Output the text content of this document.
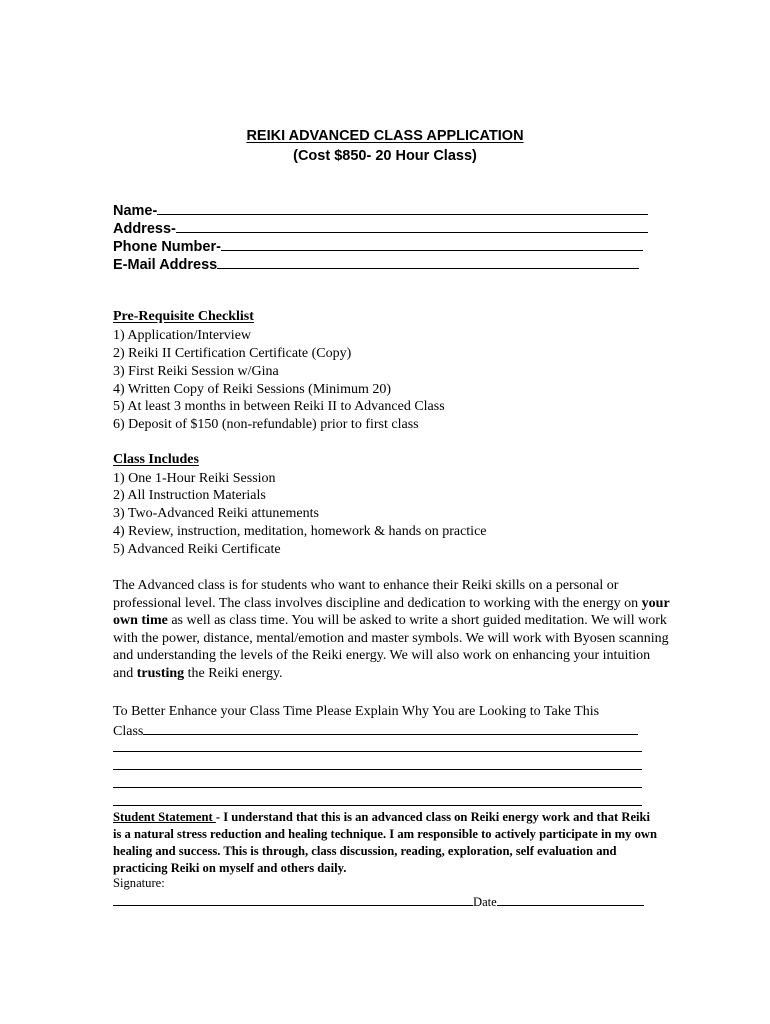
REIKI ADVANCED CLASS APPLICATION
(Cost $850- 20 Hour Class)
Name-
Address-
Phone Number-
E-Mail Address
Pre-Requisite Checklist
1) Application/Interview
2) Reiki II Certification Certificate (Copy)
3) First Reiki Session w/Gina
4) Written Copy of Reiki Sessions (Minimum 20)
5) At least 3 months in between Reiki II to Advanced Class
6) Deposit of $150 (non-refundable) prior to first class
Class Includes
1) One 1-Hour Reiki Session
2) All Instruction Materials
3) Two-Advanced Reiki attunements
4) Review, instruction, meditation, homework & hands on practice
5) Advanced Reiki Certificate
The Advanced class is for students who want to enhance their Reiki skills on a personal or professional level. The class involves discipline and dedication to working with the energy on your own time as well as class time. You will be asked to write a short guided meditation. We will work with the power, distance, mental/emotion and master symbols. We will work with Byosen scanning and understanding the levels of the Reiki energy. We will also work on enhancing your intuition and trusting the Reiki energy.
To Better Enhance your Class Time Please Explain Why You are Looking to Take This
Class
Student Statement - I understand that this is an advanced class on Reiki energy work and that Reiki is a natural stress reduction and healing technique. I am responsible to actively participate in my own healing and success. This is through, class discussion, reading, exploration, self evaluation and practicing Reiki on myself and others daily.
Signature:
Date
